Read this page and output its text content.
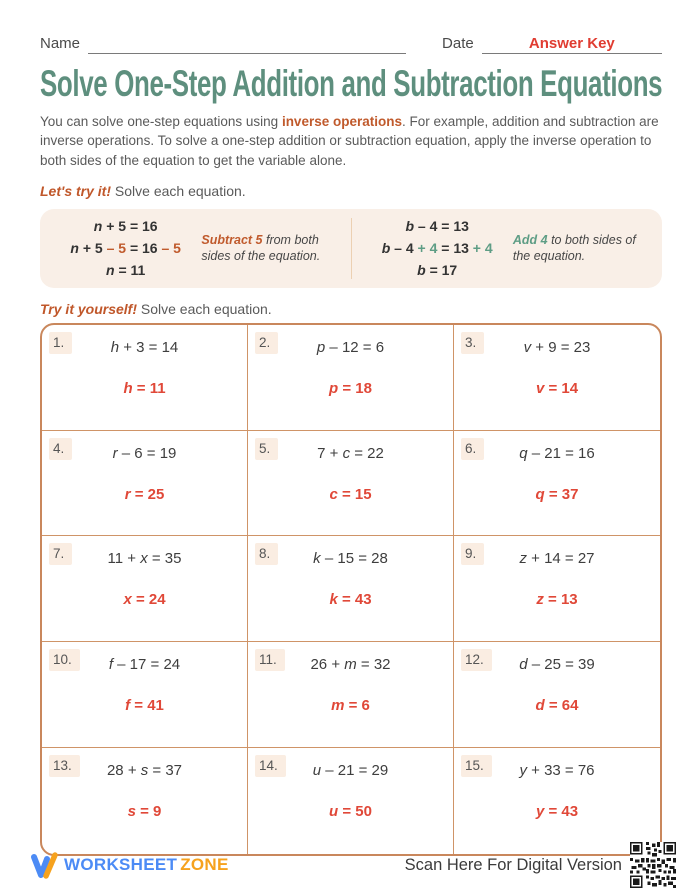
Name	Date	Answer Key
Solve One-Step Addition and Subtraction Equations

You can solve one-step equations using inverse operations. For example, addition and subtraction are inverse operations. To solve a one-step addition or subtraction equation, apply the inverse operation to both sides of the equation to get the variable alone.

Let's try it! Solve each equation.
n + 5 = 16
n + 5 – 5 = 16 – 5
n = 11
Subtract 5 from both sides of the equation.
b – 4 = 13
b – 4 + 4 = 13 + 4
b = 17
Add 4 to both sides of the equation.
Try it yourself! Solve each equation.
1.	h + 3 = 14
h = 11
2.	p – 12 = 6
p = 18
3.	v + 9 = 23
v = 14
4.	r – 6 = 19
r = 25
5.	7 + c = 22
c = 15
6.	q – 21 = 16
q = 37
7.	11 + x = 35
x = 24
8.	k – 15 = 28
k = 43
9.	z + 14 = 27
z = 13
10.	f – 17 = 24
f = 41
11.	26 + m = 32
m = 6
12.	d – 25 = 39
d = 64
13.	28 + s = 37
s = 9
14.	u – 21 = 29
u = 50
15.	y + 33 = 76
y = 43
WORKSHEET ZONE	Scan Here For Digital Version
